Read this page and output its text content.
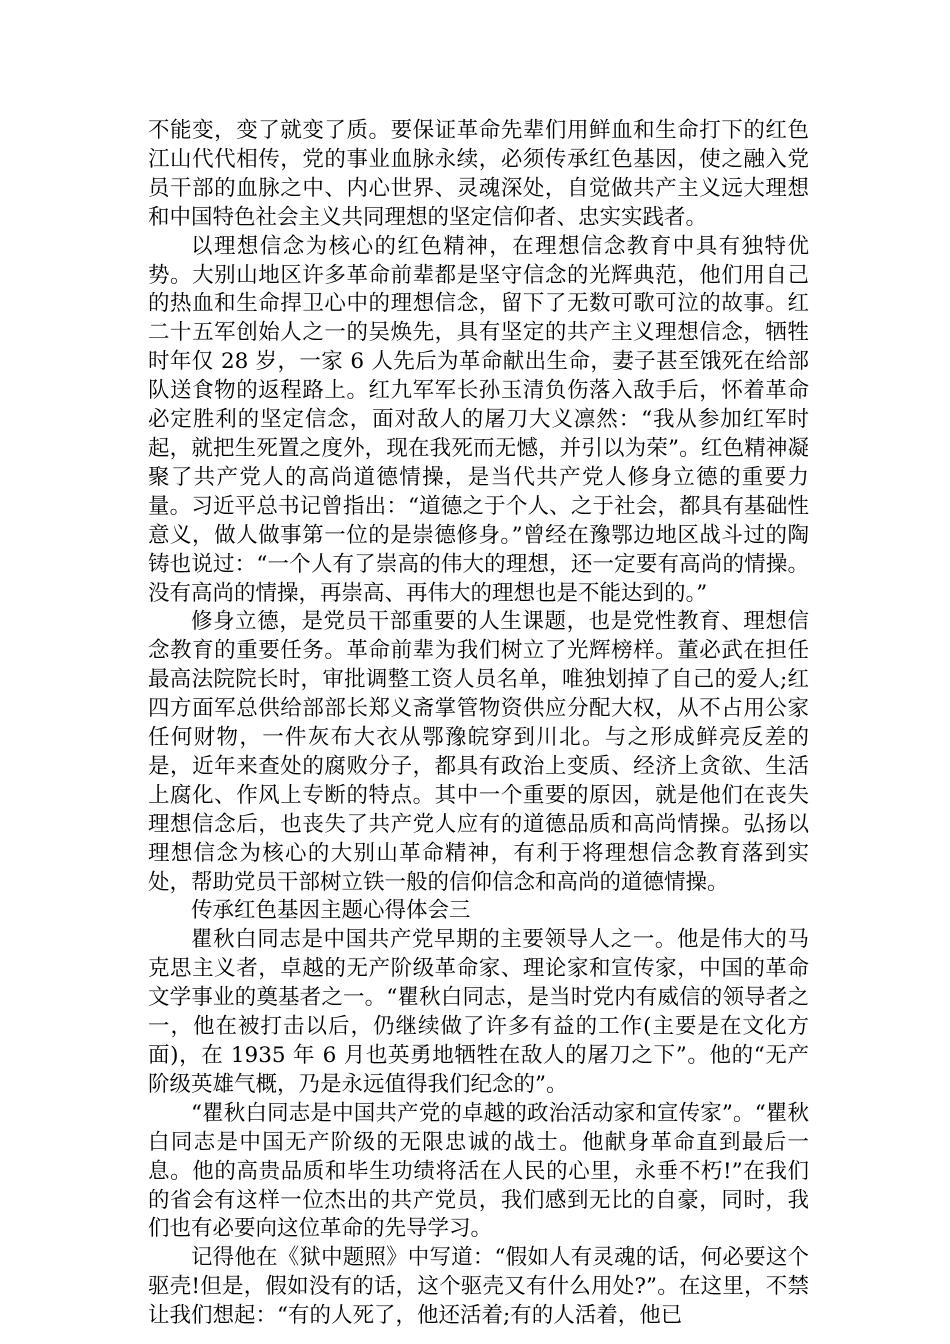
不能变，变了就变了质。要保证革命先辈们用鲜血和生命打下的红色江山代代相传，党的事业血脉永续，必须传承红色基因，使之融入党员干部的血脉之中、内心世界、灵魂深处，自觉做共产主义远大理想和中国特色社会主义共同理想的坚定信仰者、忠实实践者。

以理想信念为核心的红色精神，在理想信念教育中具有独特优势。大别山地区许多革命前辈都是坚守信念的光辉典范，他们用自己的热血和生命捍卫心中的理想信念，留下了无数可歌可泣的故事。红二十五军创始人之一的吴焕先，具有坚定的共产主义理想信念，牺牲时年仅 28 岁，一家 6 人先后为革命献出生命，妻子甚至饿死在给部队送食物的返程路上。红九军军长孙玉清负伤落入敌手后，怀着革命必定胜利的坚定信念，面对敌人的屠刀大义凛然：“我从参加红军时起，就把生死置之度外，现在我死而无憾，并引以为荣”。红色精神凝聚了共产党人的高尚道德情操，是当代共产党人修身立德的重要力量。习近平总书记曾指出：“道德之于个人、之于社会，都具有基础性意义，做人做事第一位的是崇德修身。”曾经在豫鄂边地区战斗过的陶铸也说过：“一个人有了崇高的伟大的理想，还一定要有高尚的情操。没有高尚的情操，再崇高、再伟大的理想也是不能达到的。”

修身立德，是党员干部重要的人生课题，也是党性教育、理想信念教育的重要任务。革命前辈为我们树立了光辉榜样。董必武在担任最高法院院长时，审批调整工资人员名单，唯独划掉了自己的爱人;红四方面军总供给部部长郑义斋掌管物资供应分配大权，从不占用公家任何财物，一件灰布大衣从鄂豫皖穿到川北。与之形成鲜亮反差的是，近年来查处的腐败分子，都具有政治上变质、经济上贪欲、生活上腐化、作风上专断的特点。其中一个重要的原因，就是他们在丧失理想信念后，也丧失了共产党人应有的道德品质和高尚情操。弘扬以理想信念为核心的大别山革命精神，有利于将理想信念教育落到实处，帮助党员干部树立铁一般的信仰信念和高尚的道德情操。

传承红色基因主题心得体会三

瞿秋白同志是中国共产党早期的主要领导人之一。他是伟大的马克思主义者，卓越的无产阶级革命家、理论家和宣传家，中国的革命文学事业的奠基者之一。“瞿秋白同志，是当时党内有威信的领导者之一，他在被打击以后，仍继续做了许多有益的工作(主要是在文化方面)，在 1935 年 6 月也英勇地牺牲在敌人的屠刀之下”。他的“无产阶级英雄气概，乃是永远值得我们纪念的”。

“瞿秋白同志是中国共产党的卓越的政治活动家和宣传家”。“瞿秋白同志是中国无产阶级的无限忠诚的战士。他献身革命直到最后一息。他的高贵品质和毕生功绩将活在人民的心里，永垂不朽!”在我们的省会有这样一位杰出的共产党员，我们感到无比的自豪，同时，我们也有必要向这位革命的先导学习。

记得他在《狱中题照》中写道：“假如人有灵魂的话，何必要这个驱壳!但是，假如没有的话，这个驱壳又有什么用处?”。在这里，不禁让我们想起：“有的人死了，他还活着;有的人活着，他已
